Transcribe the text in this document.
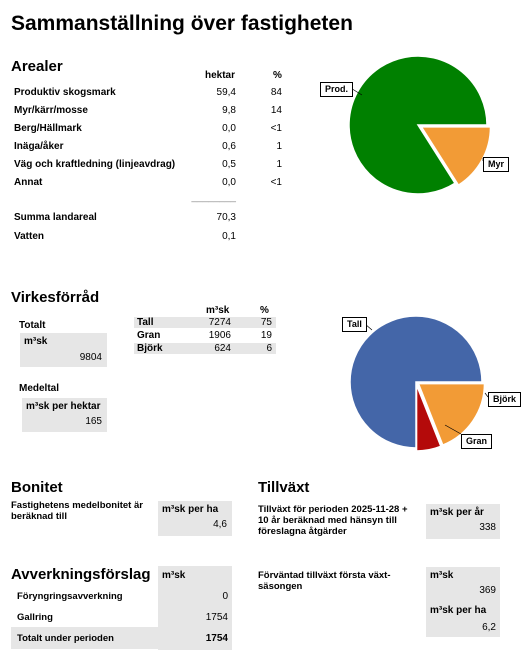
Sammanställning över fastigheten
Arealer
hektar	%
Produktiv skogsmark	59,4	84
Myr/kärr/mosse	9,8	14
Berg/Hällmark	0,0	<1
Inäga/åker	0,6	1
Väg och kraftledning (linjeavdrag)	0,5	1
Annat	0,0	<1
________
Summa landareal	70,3
Vatten	0,1
Prod.
Myr
Virkesförråd
m³sk	%
Tall	7274	75
Gran	1906	19
Björk	624	6
Totalt
m³sk
9804
Medeltal
m³sk per hektar
165
Tall
Björk
Gran
Bonitet
Fastighetens medelbonitet är beräknad till
m³sk per ha
4,6
Tillväxt
Tillväxt för perioden 2025-11-28 + 10 år beräknad med hänsyn till föreslagna åtgärder
m³sk per år
338
Förväntad tillväxt första växt-säsongen
m³sk
369
m³sk per ha
6,2
Avverkningsförslag m³sk
Föryngringsavverkning	0
Gallring	1754
Totalt under perioden	1754
